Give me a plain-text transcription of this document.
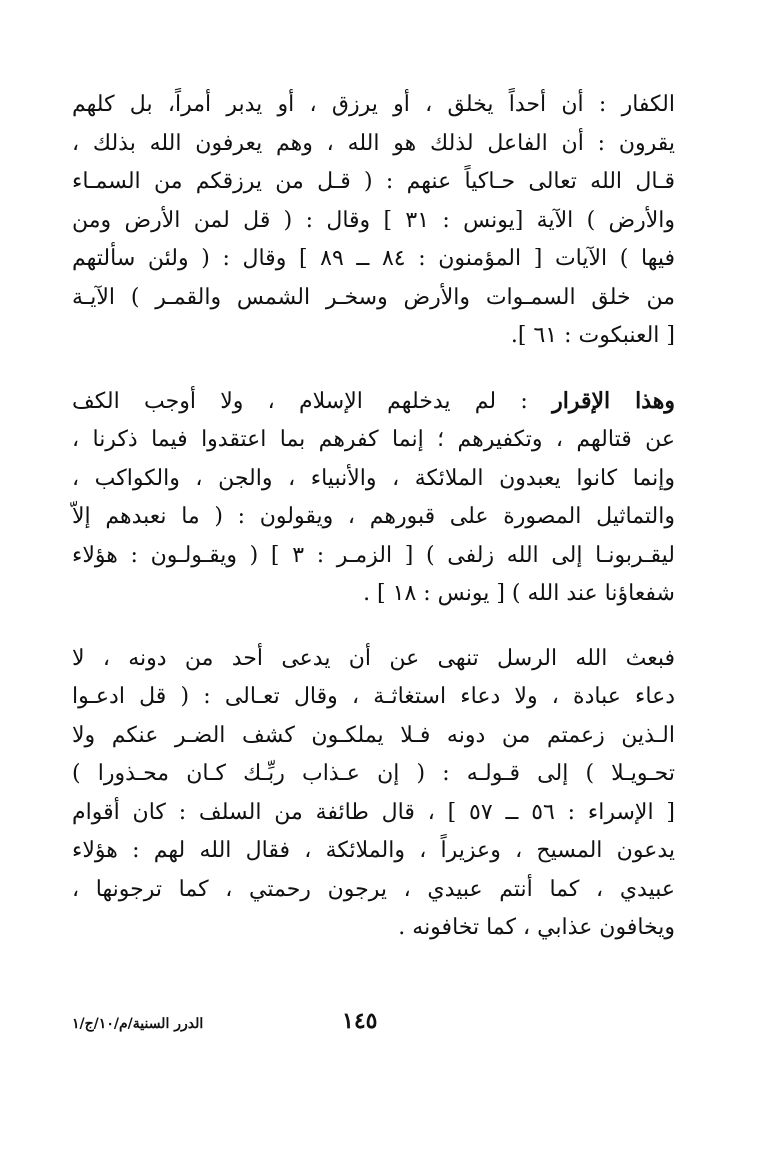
الكفار : أن أحداً يخلق ، أو يرزق ، أو يدبر أمراً، بل كلهم
يقرون : أن الفاعل لذلك هو الله ، وهم يعرفون الله بذلك ،
قـال الله تعالى حـاكياً عنهم : ( قـل من يرزقكم من السمـاء
والأرض ) الآية [يونس : ٣١ ] وقال : ( قل لمن الأرض ومن
فيها ) الآيات [ المؤمنون : ٨٤ ــ ٨٩ ] وقال : ( ولئن سألتهم
من خلق السمـوات والأرض وسخـر الشمس والقمـر ) الآيـة
[ العنبكوت : ٦١ ].
وهذا الإقرار : لم يدخلهم الإسلام ، ولا أوجب الكف
عن قتالهم ، وتكفيرهم ؛ إنما كفرهم بما اعتقدوا فيما ذكرنا ،
وإنما كانوا يعبدون الملائكة ، والأنبياء ، والجن ، والكواكب ،
والتماثيل المصورة على قبورهم ، ويقولون : ( ما نعبدهم إلاّ
ليقـربونـا إلى الله زلفى ) [ الزمـر : ٣ ] ( ويقـولـون : هؤلاء
شفعاؤنا عند الله ) [ يونس : ١٨ ] .
فبعث الله الرسل تنهى عن أن يدعى أحد من دونه ، لا
دعاء عبادة ، ولا دعاء استغاثـة ، وقال تعـالى : ( قل ادعـوا
الـذين زعمتم من دونه فـلا يملكـون كشف الضـر عنكم ولا
تحـويـلا ) إلى قـولـه : ( إن عـذاب ربِّـك كـان محـذورا )
[ الإسراء : ٥٦ ــ ٥٧ ] ، قال طائفة من السلف : كان أقوام
يدعون المسيح ، وعزيراً ، والملائكة ، فقال الله لهم : هؤلاء
عبيدي ، كما أنتم عبيدي ، يرجون رحمتي ، كما ترجونها ،
ويخافون عذابي ، كما تخافونه .
١٤٥
الدرر السنية/م/١٠/ج/١
